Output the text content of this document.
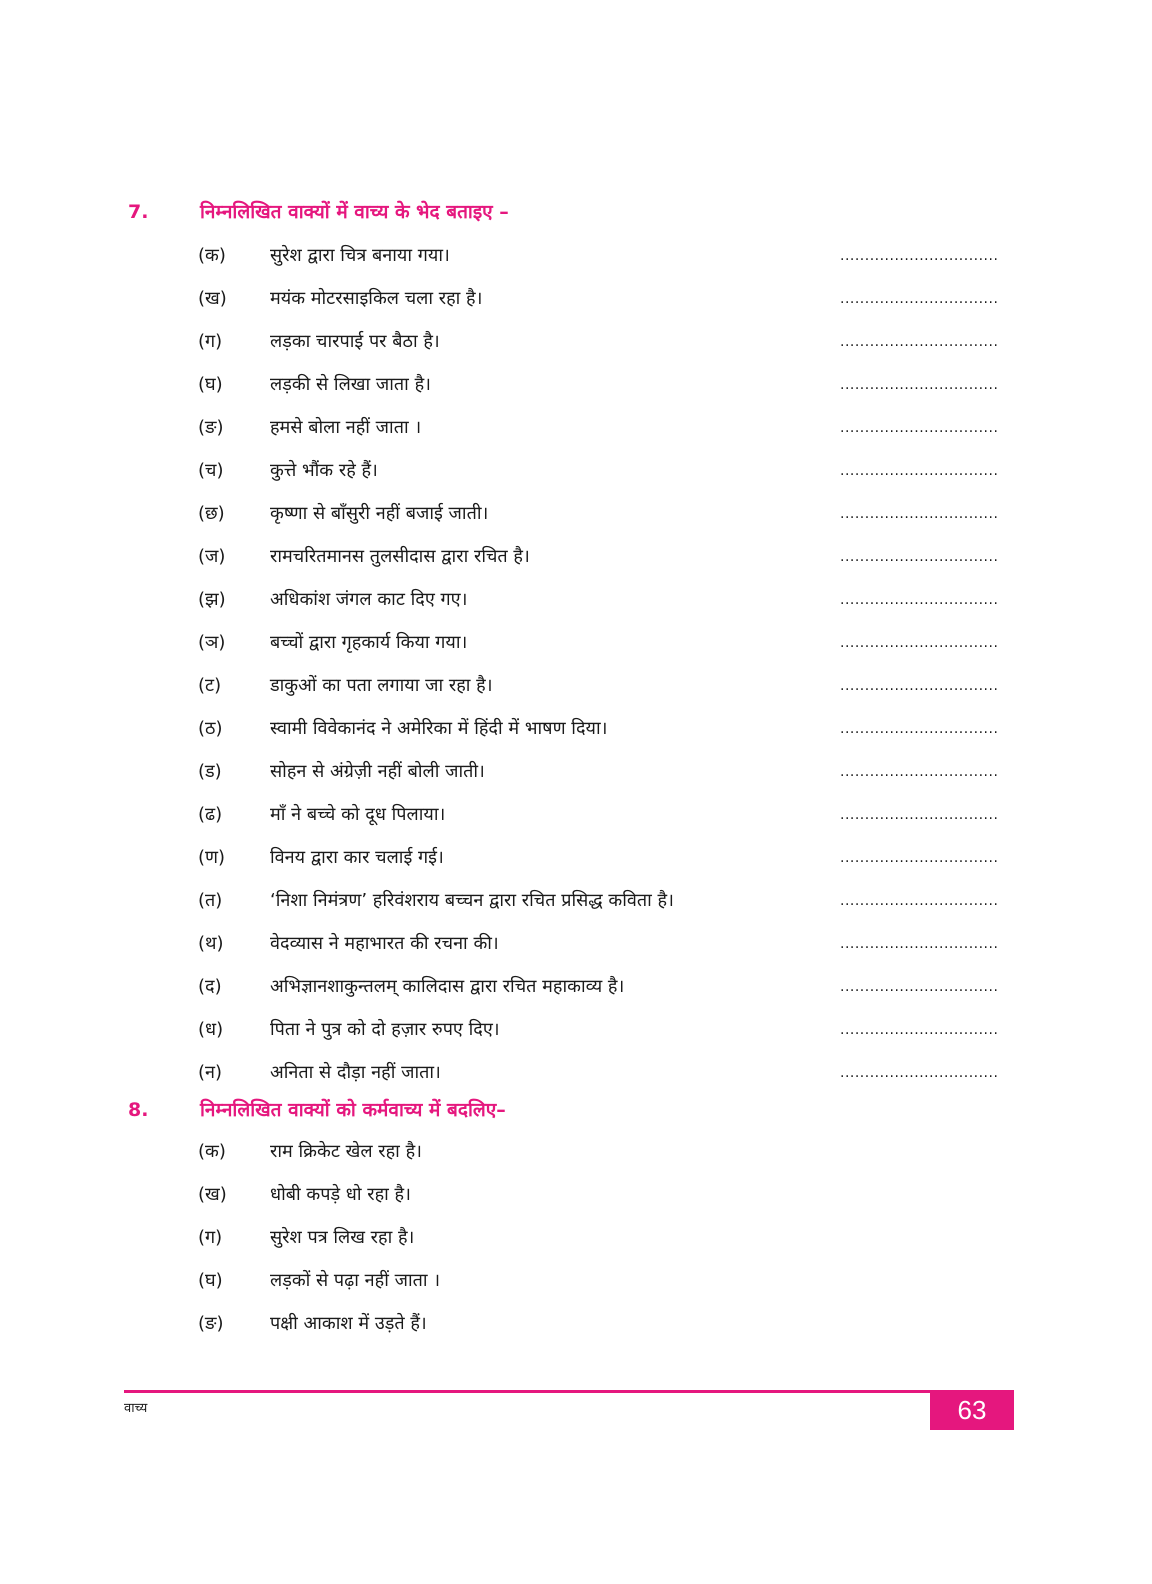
7.	निम्नलिखित वाक्यों में वाच्य के भेद बताइए –
(क)	सुरेश द्वारा चित्र बनाया गया।	................................
(ख)	मयंक मोटरसाइकिल चला रहा है।	................................
(ग)	लड़का चारपाई पर बैठा है।	................................
(घ)	लड़की से लिखा जाता है।	................................
(ङ)	हमसे बोला नहीं जाता ।	................................
(च)	कुत्ते भौंक रहे हैं।	................................
(छ)	कृष्णा से बाँसुरी नहीं बजाई जाती।	................................
(ज)	रामचरितमानस तुलसीदास द्वारा रचित है।	................................
(झ)	अधिकांश जंगल काट दिए गए।	................................
(ञ)	बच्चों द्वारा गृहकार्य किया गया।	................................
(ट)	डाकुओं का पता लगाया जा रहा है।	................................
(ठ)	स्वामी विवेकानंद ने अमेरिका में हिंदी में भाषण दिया।	................................
(ड)	सोहन से अंग्रेज़ी नहीं बोली जाती।	................................
(ढ)	माँ ने बच्चे को दूध पिलाया।	................................
(ण)	विनय द्वारा कार चलाई गई।	................................
(त)	‘निशा निमंत्रण’ हरिवंशराय बच्चन द्वारा रचित प्रसिद्ध कविता है।	................................
(थ)	वेदव्यास ने महाभारत की रचना की।	................................
(द)	अभिज्ञानशाकुन्तलम् कालिदास द्वारा रचित महाकाव्य है।	................................
(ध)	पिता ने पुत्र को दो हज़ार रुपए दिए।	................................
(न)	अनिता से दौड़ा नहीं जाता।	................................
8.	निम्नलिखित वाक्यों को कर्मवाच्य में बदलिए–
(क)	राम क्रिकेट खेल रहा है।
(ख)	धोबी कपड़े धो रहा है।
(ग)	सुरेश पत्र लिख रहा है।
(घ)	लड़कों से पढ़ा नहीं जाता ।
(ङ)	पक्षी आकाश में उड़ते हैं।
वाच्य	63
